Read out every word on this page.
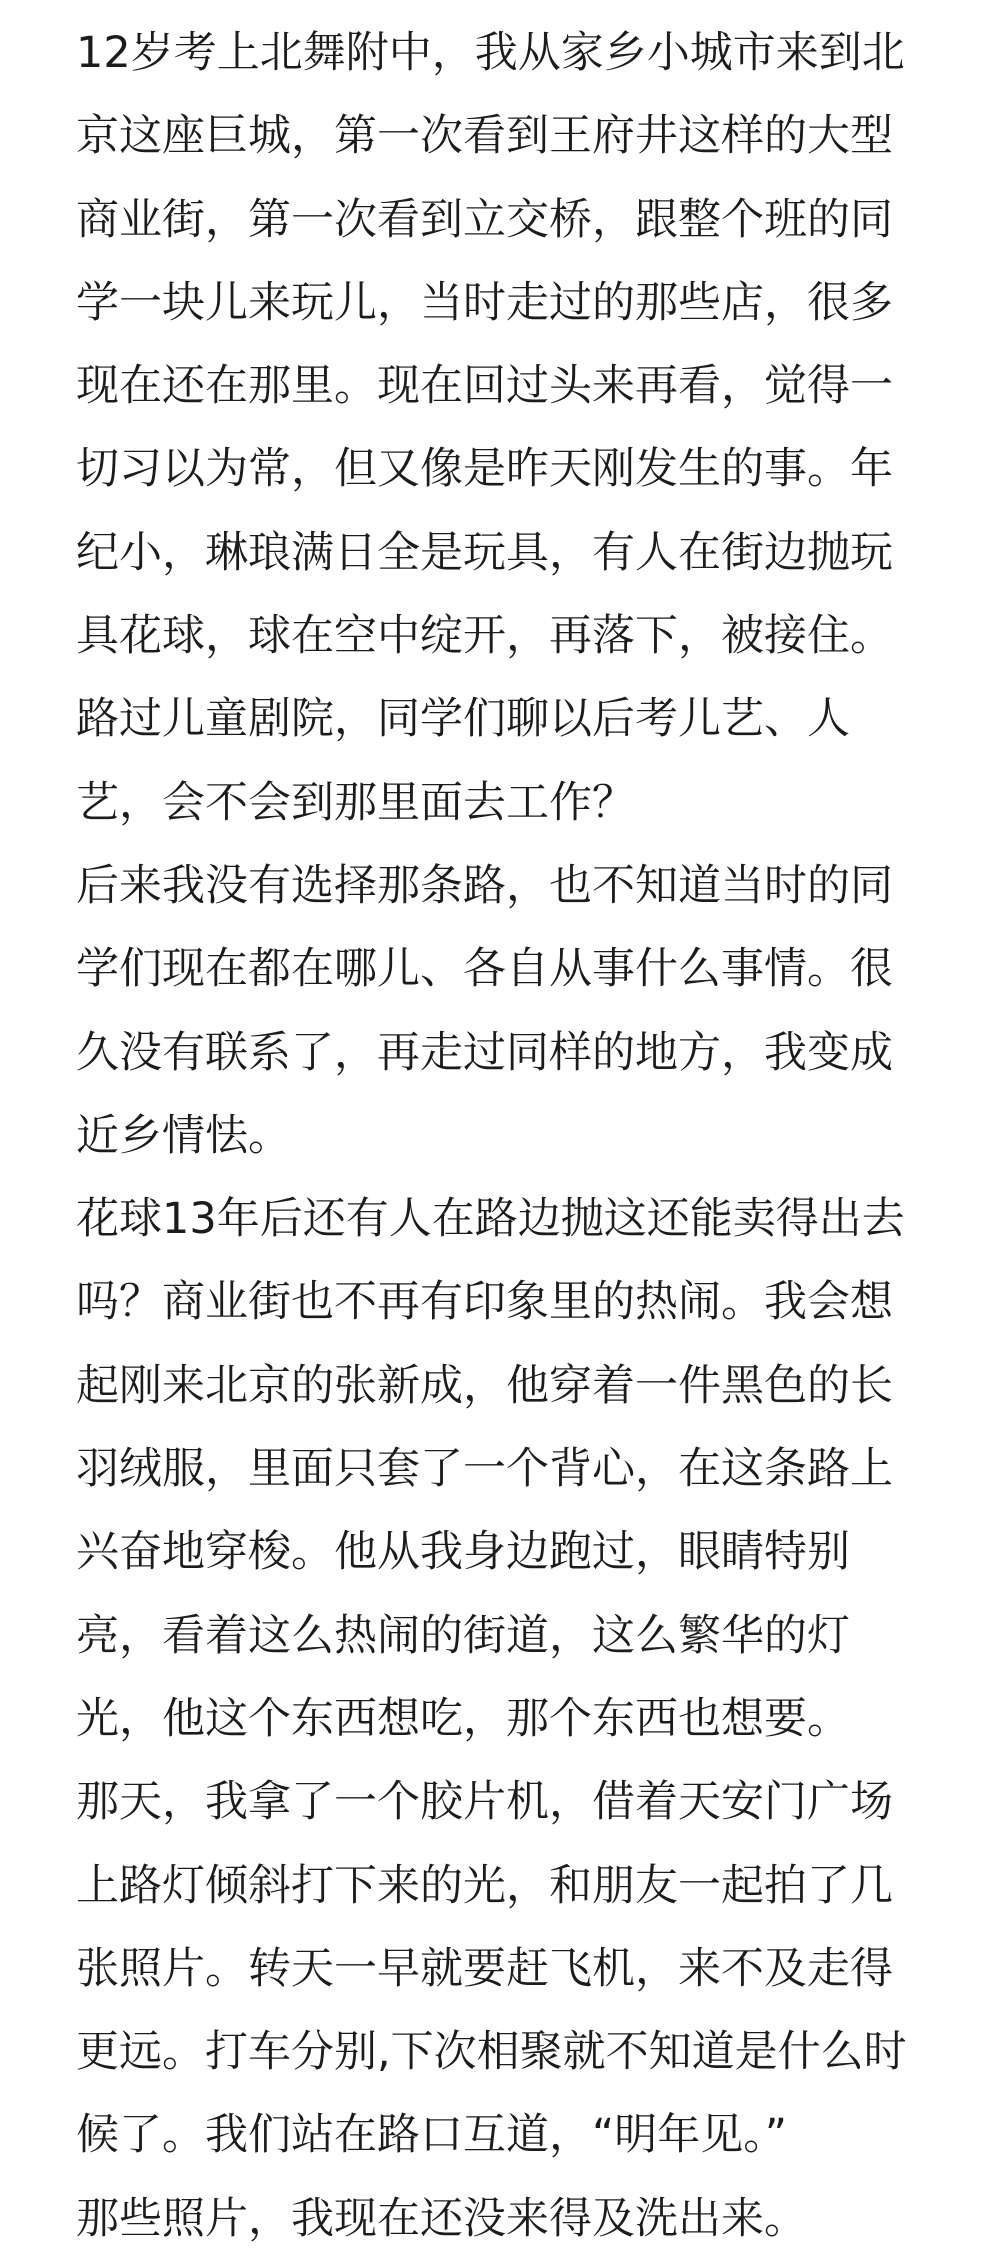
12岁考上北舞附中，我从家乡小城市来到北
京这座巨城，第一次看到王府井这样的大型
商业街，第一次看到立交桥，跟整个班的同
学一块儿来玩儿，当时走过的那些店，很多
现在还在那里。现在回过头来再看，觉得一
切习以为常，但又像是昨天刚发生的事。年
纪小，琳琅满日全是玩具，有人在街边抛玩
具花球，球在空中绽开，再落下，被接住。
路过儿童剧院，同学们聊以后考儿艺、人
艺，会不会到那里面去工作？
后来我没有选择那条路，也不知道当时的同
学们现在都在哪儿、各自从事什么事情。很
久没有联系了，再走过同样的地方，我变成
近乡情怯。
花球13年后还有人在路边抛这还能卖得出去
吗？商业街也不再有印象里的热闹。我会想
起刚来北京的张新成，他穿着一件黑色的长
羽绒服，里面只套了一个背心，在这条路上
兴奋地穿梭。他从我身边跑过，眼睛特别
亮，看着这么热闹的街道，这么繁华的灯
光，他这个东西想吃，那个东西也想要。
那天，我拿了一个胶片机，借着天安门广场
上路灯倾斜打下来的光，和朋友一起拍了几
张照片。转天一早就要赶飞机，来不及走得
更远。打车分别,下次相聚就不知道是什么时
候了。我们站在路口互道，“明年见。”
那些照片，我现在还没来得及洗出来。
